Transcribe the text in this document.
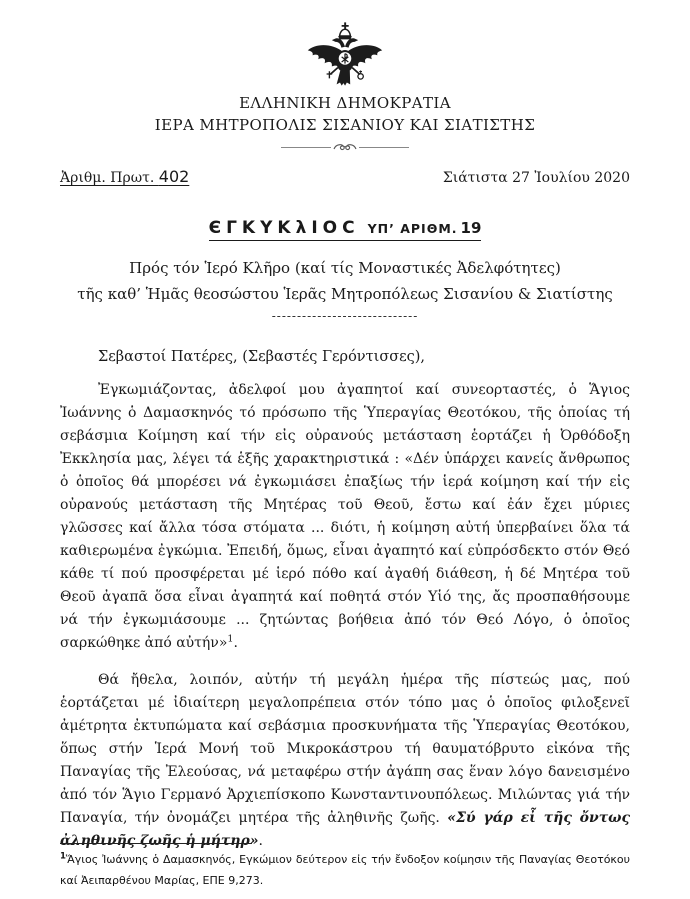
ΕΛΛΗΝΙΚΗ ΔΗΜΟΚΡΑΤΙΑ
ΙΕΡΑ ΜΗΤΡΟΠΟΛΙΣ ΣΙΣΑΝΙΟΥ ΚΑΙ ΣΙΑΤΙΣΤΗΣ
Ἀριθμ. Πρωτ. 402	Σιάτιστα 27 Ἰουλίου 2020
ЄΓΚΥΚλΙΟϹ ΥΠ’ ΑΡΙΘΜ. 19
Πρός τόν Ἱερό Κλῆρο (καί τίς Μοναστικές Ἀδελφότητες)
τῆς καθ’ Ἡμᾶς θεοσώστου Ἱερᾶς Μητροπόλεως Σισανίου & Σιατίστης
-----------------------------
Σεβαστοί Πατέρες, (Σεβαστές Γερόντισσες),

Ἐγκωμιάζοντας, ἀδελφοί μου ἀγαπητοί καί συνεορταστές, ὁ Ἅγιος Ἰωάννης ὁ Δαμασκηνός τό πρόσωπο τῆς Ὑπεραγίας Θεοτόκου, τῆς ὁποίας τή σεβάσμια Κοίμηση καί τήν εἰς οὐρανούς μετάσταση ἑορτάζει ἡ Ὀρθόδοξη Ἐκκλησία μας, λέγει τά ἑξῆς χαρακτηριστικά : «Δέν ὑπάρχει κανείς ἄνθρωπος ὁ ὁποῖος θά μπορέσει νά ἐγκωμιάσει ἐπαξίως τήν ἱερά κοίμηση καί τήν εἰς οὐρανούς μετάσταση τῆς Μητέρας τοῦ Θεοῦ, ἔστω καί ἐάν ἔχει μύριες γλῶσσες καί ἄλλα τόσα στόματα ... διότι, ἡ κοίμηση αὐτή ὑπερβαίνει ὅλα τά καθιερωμένα ἐγκώμια. Ἐπειδή, ὅμως, εἶναι ἀγαπητό καί εὐπρόσδεκτο στόν Θεό κάθε τί πού προσφέρεται μέ ἱερό πόθο καί ἀγαθή διάθεση, ἡ δέ Μητέρα τοῦ Θεοῦ ἀγαπᾶ ὅσα εἶναι ἀγαπητά καί ποθητά στόν Υἱό της, ἄς προσπαθήσουμε νά τήν ἐγκωμιάσουμε ... ζητώντας βοήθεια ἀπό τόν Θεό Λόγο, ὁ ὁποῖος σαρκώθηκε ἀπό αὐτήν»$^1$.

Θά ἤθελα, λοιπόν, αὐτήν τή μεγάλη ἡμέρα τῆς πίστεώς μας, πού ἑορτάζεται μέ ἰδιαίτερη μεγαλοπρέπεια στόν τόπο μας ὁ ὁποῖος φιλοξενεῖ ἀμέτρητα ἐκτυπώματα καί σεβάσμια προσκυνήματα τῆς Ὑπεραγίας Θεοτόκου, ὅπως στήν Ἱερά Μονή τοῦ Μικροκάστρου τή θαυματόβρυτο εἰκόνα τῆς Παναγίας τῆς Ἐλεούσας, νά μεταφέρω στήν ἀγάπη σας ἕναν λόγο δανεισμένο ἀπό τόν Ἅγιο Γερμανό Ἀρχιεπίσκοπο Κωνσταντινουπόλεως. Μιλώντας γιά τήν Παναγία, τήν ὀνομάζει μητέρα τῆς ἀληθινῆς ζωῆς. «Σύ γάρ εἶ τῆς ὄντως ἀληθινῆς ζωῆς ἡ μήτηρ».

$^1$Ἅγιος Ἰωάννης ὁ Δαμασκηνός, Εγκώμιον δεύτερον εἰς τήν ἔνδοξον κοίμησιν τῆς Παναγίας Θεοτόκου καί Ἀειπαρθένου Μαρίας, ΕΠΕ 9,273.
